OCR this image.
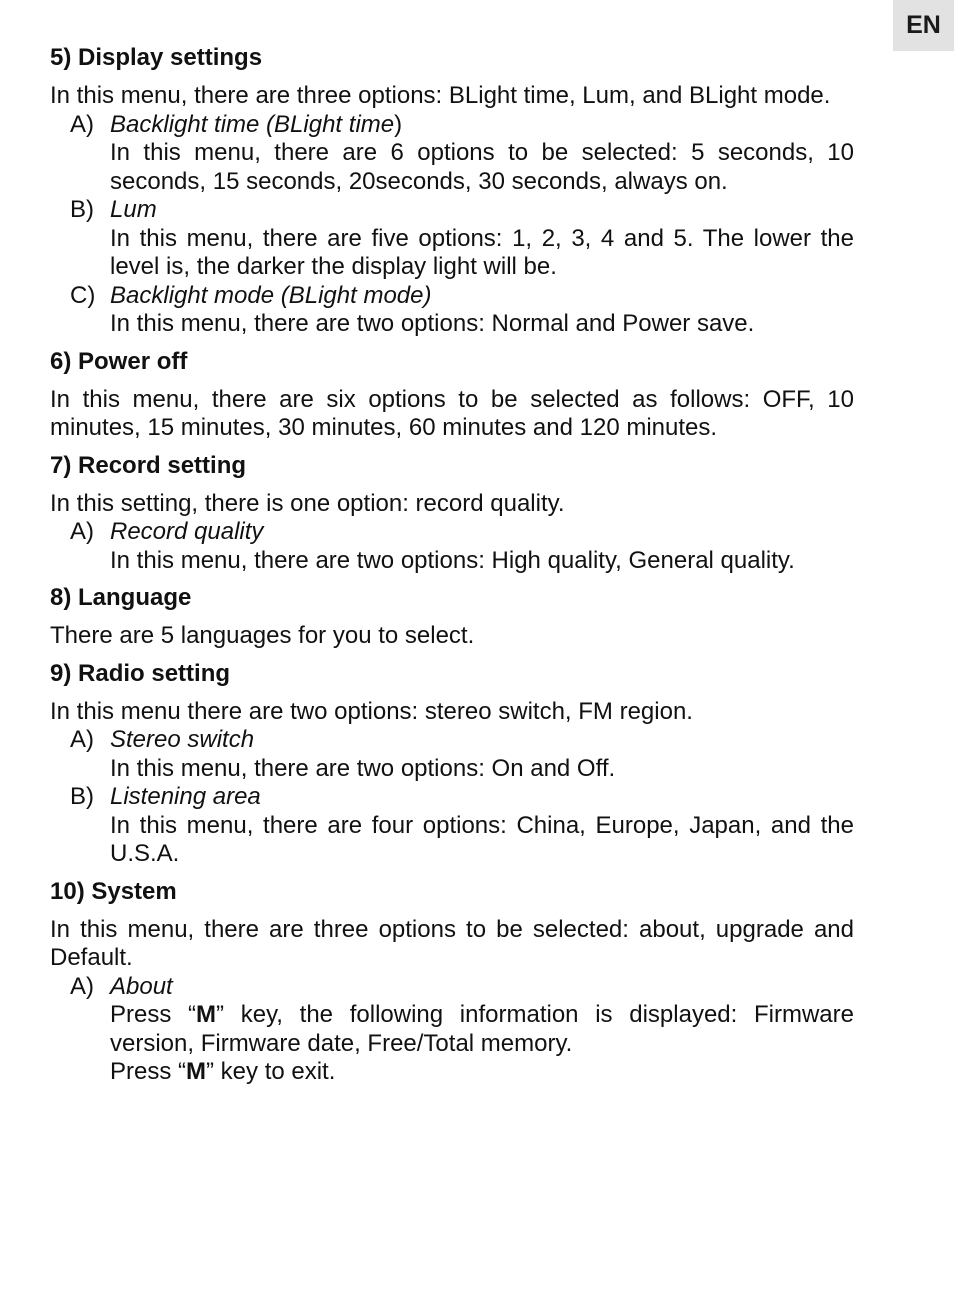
EN
5) Display settings

In this menu, there are three options: BLight time, Lum, and BLight mode.

A) Backlight time (BLight time)

In this menu, there are 6 options to be selected: 5 seconds, 10 seconds, 15 seconds, 20seconds, 30 seconds, always on.

B) Lum

In this menu, there are five options: 1, 2, 3, 4 and 5. The lower the level is, the darker the display light will be.

C) Backlight mode (BLight mode)

In this menu, there are two options: Normal and Power save.

6) Power off

In this menu, there are six options to be selected as follows: OFF, 10 minutes, 15 minutes, 30 minutes, 60 minutes and 120 minutes.

7) Record setting

In this setting, there is one option: record quality.

A) Record quality

In this menu, there are two options: High quality, General quality.

8) Language

There are 5 languages for you to select.

9) Radio setting

In this menu there are two options: stereo switch, FM region.

A) Stereo switch

In this menu, there are two options: On and Off.

B) Listening area

In this menu, there are four options: China, Europe, Japan, and the U.S.A.

10) System

In this menu, there are three options to be selected: about, upgrade and Default.

A) About

Press “M” key, the following information is displayed: Firmware version, Firmware date, Free/Total memory.

Press “M” key to exit.
